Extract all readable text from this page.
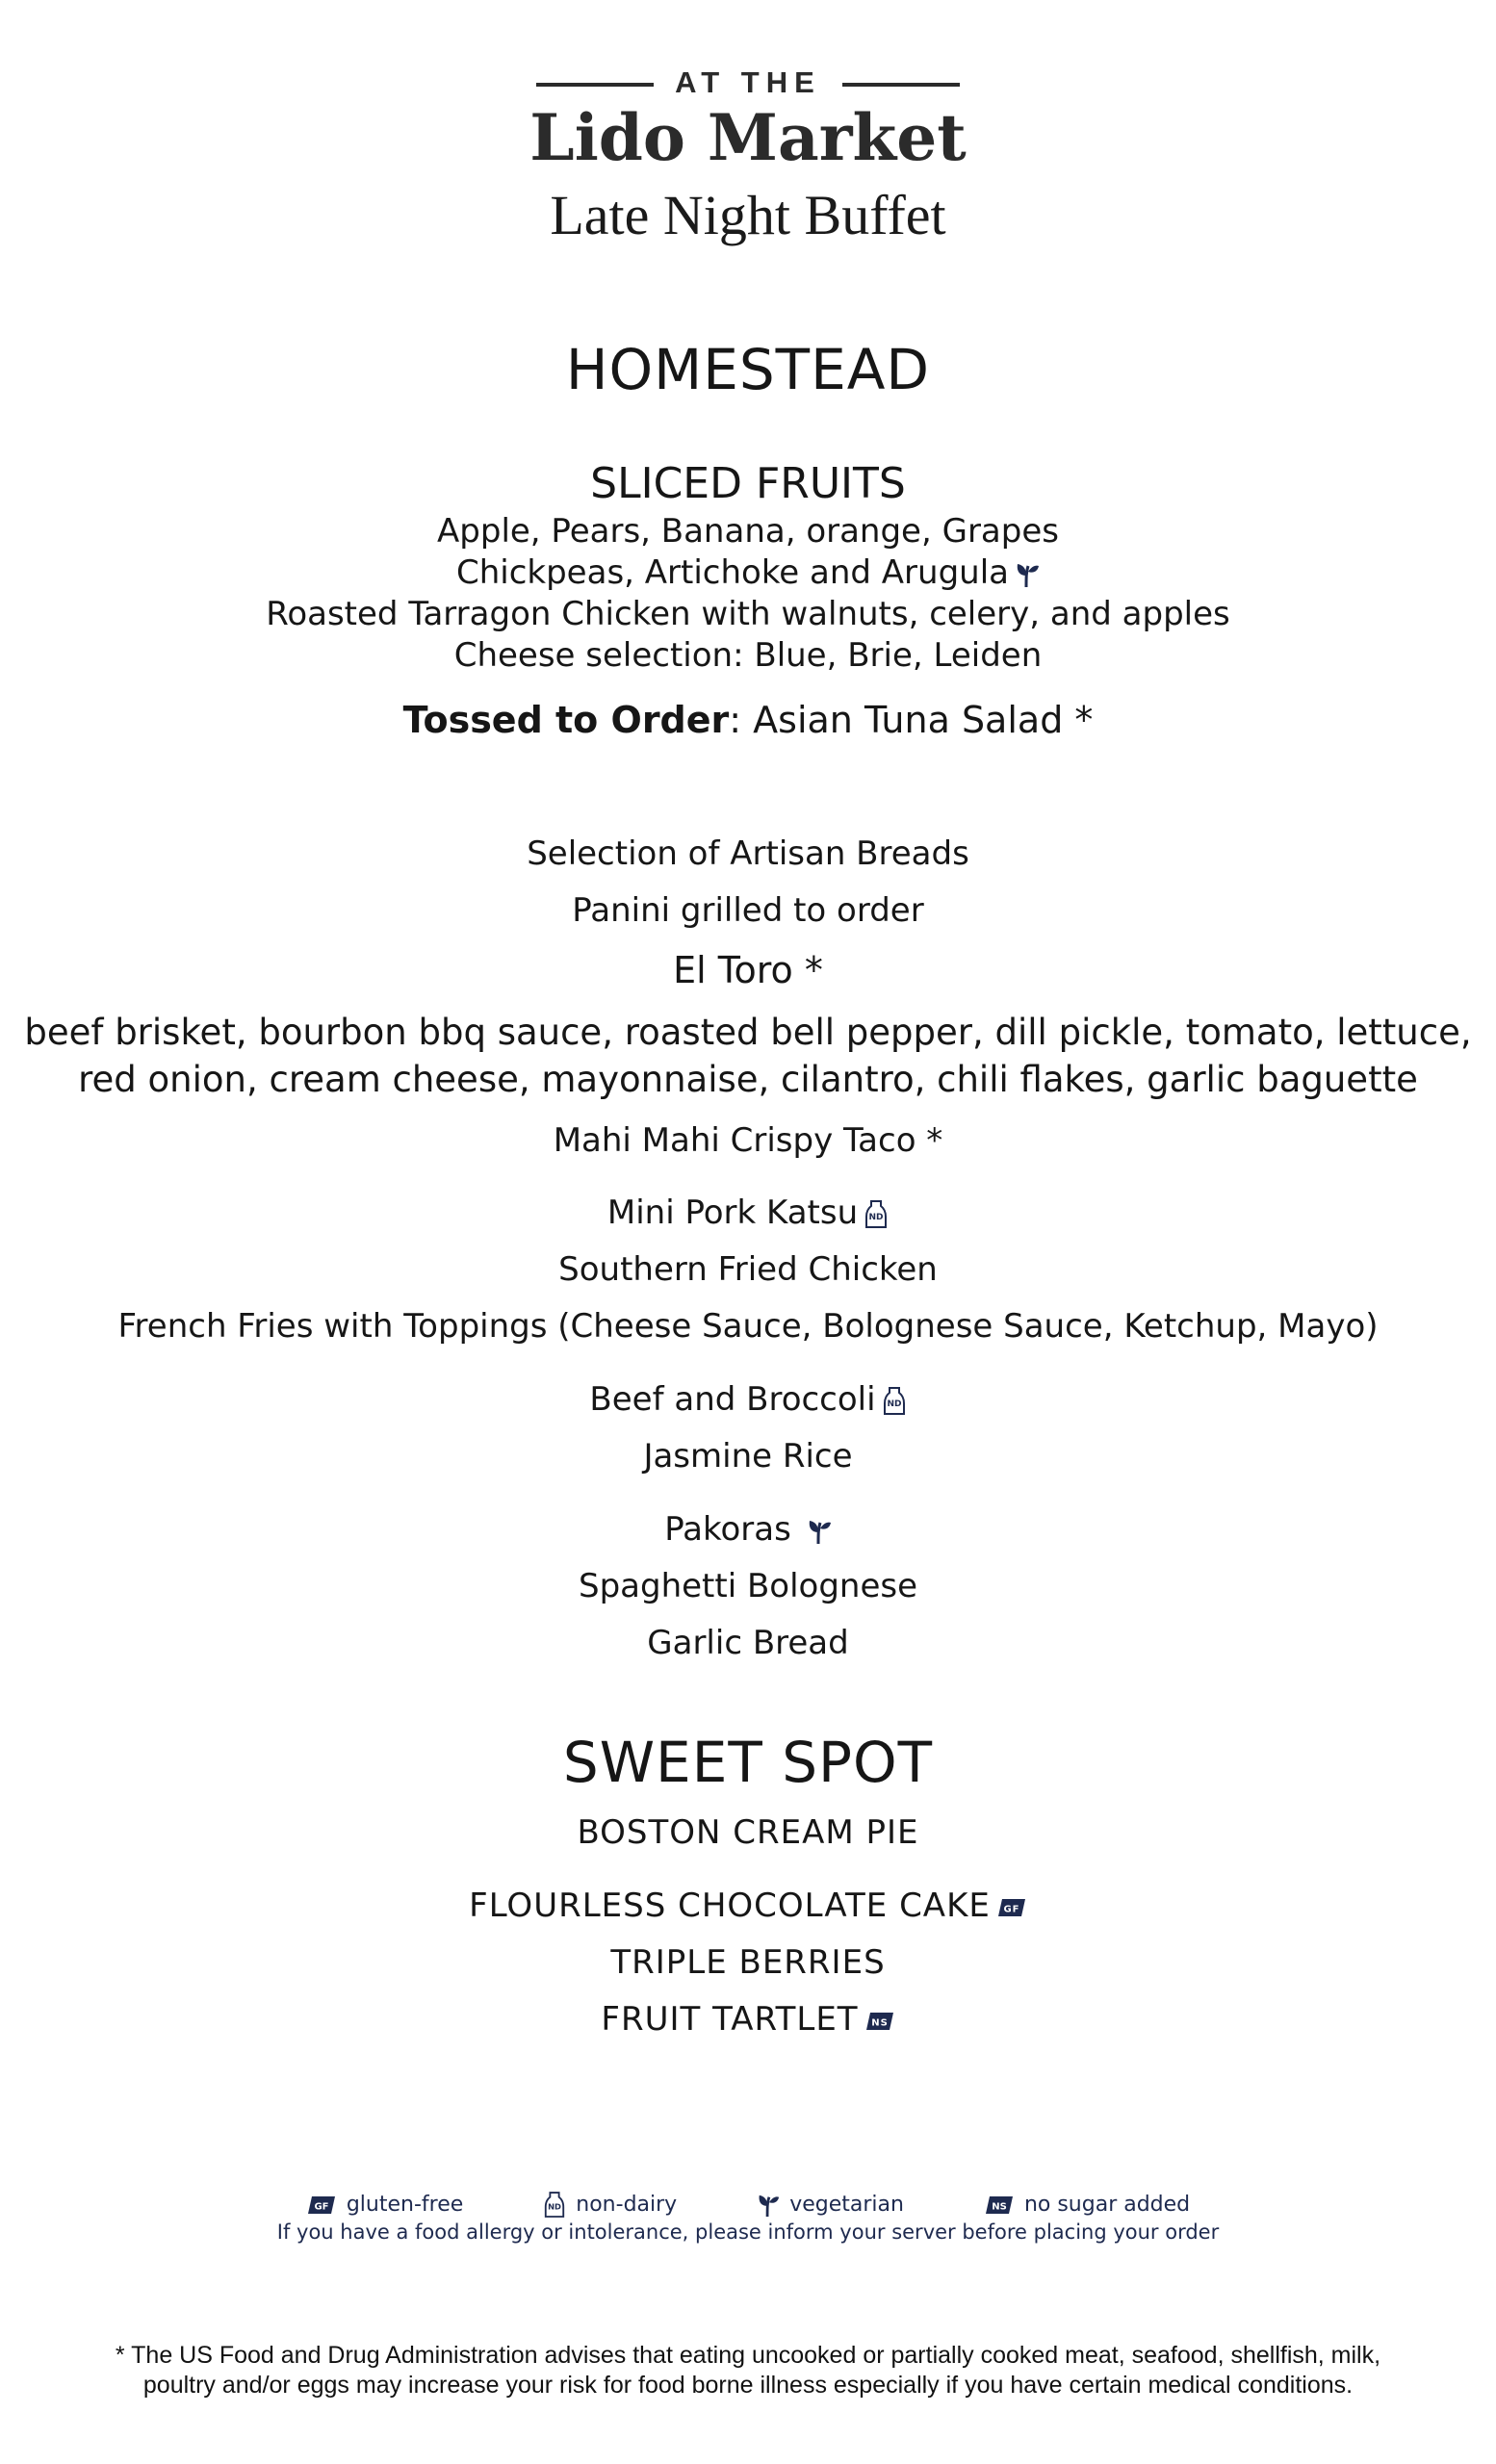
AT THE
Lido Market
Late Night Buffet
HOMESTEAD
SLICED FRUITS
Apple, Pears, Banana, orange, Grapes
Chickpeas, Artichoke and Arugula
Roasted Tarragon Chicken with walnuts, celery, and apples
Cheese selection: Blue, Brie, Leiden
Tossed to Order: Asian Tuna Salad *
Selection of Artisan Breads
Panini grilled to order
El Toro *
beef brisket, bourbon bbq sauce, roasted bell pepper, dill pickle, tomato, lettuce,
red onion, cream cheese, mayonnaise, cilantro, chili flakes, garlic baguette
Mahi Mahi Crispy Taco *
Mini Pork Katsu ND
Southern Fried Chicken
French Fries with Toppings (Cheese Sauce, Bolognese Sauce, Ketchup, Mayo)
Beef and Broccoli ND
Jasmine Rice
Pakoras
Spaghetti Bolognese
Garlic Bread
SWEET SPOT
BOSTON CREAM PIE
FLOURLESS CHOCOLATE CAKE GF
TRIPLE BERRIES
FRUIT TARTLET NS
GF gluten-free	ND non-dairy	vegetarian	NS no sugar added
If you have a food allergy or intolerance, please inform your server before placing your order
* The US Food and Drug Administration advises that eating uncooked or partially cooked meat, seafood, shellfish, milk, poultry and/or eggs may increase your risk for food borne illness especially if you have certain medical conditions.
